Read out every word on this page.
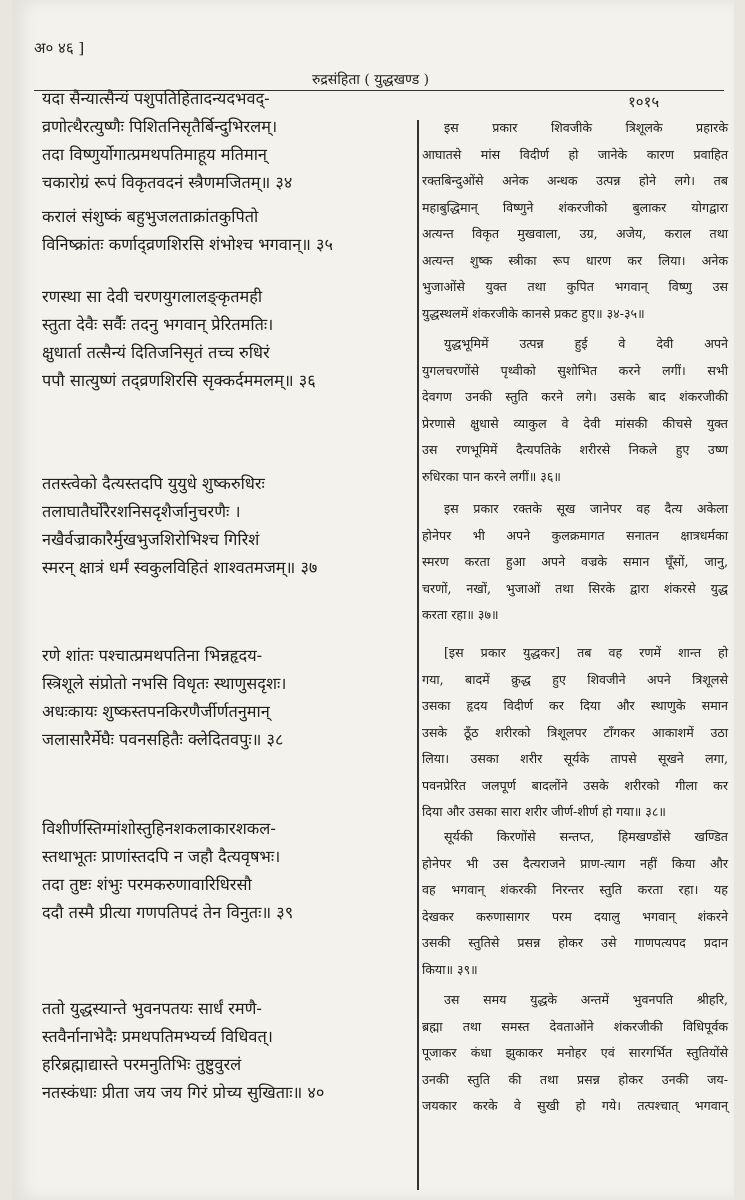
अ० ४६ ]
रुद्रसंहिता ( युद्धखण्ड )
१०१५
यदा सैन्यात्सैन्यं पशुपतिहितादन्यदभवद्-
व्रणोत्थैरत्युष्णैः पिशितनिसृतैर्बिन्दुभिरलम्।
तदा विष्णुर्योगात्प्रमथपतिमाहूय मतिमान्
चकारोग्रं रूपं विकृतवदनं स्त्रैणमजितम्॥ ३४
करालं संशुष्कं बहुभुजलताक्रांतकुपितो
विनिष्क्रांतः कर्णाद्व्रणशिरसि शंभोश्च भगवान्॥ ३५
रणस्था सा देवी चरणयुगलालङ्कृतमही
स्तुता देवैः सर्वैः तदनु भगवान् प्रेरितमतिः।
क्षुधार्ता तत्सैन्यं दितिजनिसृतं तच्च रुधिरं
पपौ सात्युष्णं तद्व्रणशिरसि सृक्कर्दममलम्॥ ३६
ततस्त्वेको दैत्यस्तदपि युयुधे शुष्करुधिरः
तलाघातैर्घोरैरशनिसदृशैर्जानुचरणैः ।
नखैर्वज्राकारैर्मुखभुजशिरोभिश्च गिरिशं
स्मरन् क्षात्रं धर्मं स्वकुलविहितं शाश्वतमजम्॥ ३७
रणे शांतः पश्चात्प्रमथपतिना भिन्नहृदय-
स्त्रिशूले संप्रोतो नभसि विधृतः स्थाणुसदृशः।
अधःकायः शुष्कस्तपनकिरणैर्जीर्णतनुमान्
जलासारैर्मेघैः पवनसहितैः क्लेदितवपुः॥ ३८
विशीर्णस्तिग्मांशोस्तुहिनशकलाकारशकल-
स्तथाभूतः प्राणांस्तदपि न जहौ दैत्यवृषभः।
तदा तुष्टः शंभुः परमकरुणावारिधिरसौ
ददौ तस्मै प्रीत्या गणपतिपदं तेन विनुतः॥ ३९
ततो युद्धस्यान्ते भुवनपतयः सार्धं रमणै-
स्तवैर्नानाभेदैः प्रमथपतिमभ्यर्च्य विधिवत्।
हरिब्रह्माद्यास्ते परमनुतिभिः तुष्टुवुरलं
नतस्कंधाः प्रीता जय जय गिरं प्रोच्य सुखिताः॥ ४०
इस प्रकार शिवजीके त्रिशूलके प्रहारके
आघातसे मांस विदीर्ण हो जानेके कारण प्रवाहित
रक्तबिन्दुओंसे अनेक अन्धक उत्पन्न होने लगे। तब
महाबुद्धिमान् विष्णुने शंकरजीको बुलाकर योगद्वारा
अत्यन्त विकृत मुखवाला, उग्र, अजेय, कराल तथा
अत्यन्त शुष्क स्त्रीका रूप धारण कर लिया। अनेक
भुजाओंसे युक्त तथा कुपित भगवान् विष्णु उस
युद्धस्थलमें शंकरजीके कानसे प्रकट हुए॥ ३४-३५॥
युद्धभूमिमें उत्पन्न हुई वे देवी अपने
युगलचरणोंसे पृथ्वीको सुशोभित करने लगीं। सभी
देवगण उनकी स्तुति करने लगे। उसके बाद शंकरजीकी
प्रेरणासे क्षुधासे व्याकुल वे देवी मांसकी कीचसे युक्त
उस रणभूमिमें दैत्यपतिके शरीरसे निकले हुए उष्ण
रुधिरका पान करने लगीं॥ ३६॥
इस प्रकार रक्तके सूख जानेपर वह दैत्य अकेला
होनेपर भी अपने कुलक्रमागत सनातन क्षात्रधर्मका
स्मरण करता हुआ अपने वज्रके समान घूँसों, जानु,
चरणों, नखों, भुजाओं तथा सिरके द्वारा शंकरसे युद्ध
करता रहा॥ ३७॥
[इस प्रकार युद्धकर] तब वह रणमें शान्त हो
गया, बादमें क्रुद्ध हुए शिवजीने अपने त्रिशूलसे
उसका हृदय विदीर्ण कर दिया और स्थाणुके समान
उसके ठूँठ शरीरको त्रिशूलपर टाँगकर आकाशमें उठा
लिया। उसका शरीर सूर्यके तापसे सूखने लगा,
पवनप्रेरित जलपूर्ण बादलोंने उसके शरीरको गीला कर
दिया और उसका सारा शरीर जीर्ण-शीर्ण हो गया॥ ३८॥
सूर्यकी किरणोंसे सन्तप्त, हिमखण्डोंसे खण्डित
होनेपर भी उस दैत्यराजने प्राण-त्याग नहीं किया और
वह भगवान् शंकरकी निरन्तर स्तुति करता रहा। यह
देखकर करुणासागर परम दयालु भगवान् शंकरने
उसकी स्तुतिसे प्रसन्न होकर उसे गाणपत्यपद प्रदान
किया॥ ३९॥
उस समय युद्धके अन्तमें भुवनपति श्रीहरि,
ब्रह्मा तथा समस्त देवताओंने शंकरजीकी विधिपूर्वक
पूजाकर कंधा झुकाकर मनोहर एवं सारगर्भित स्तुतियोंसे
उनकी स्तुति की तथा प्रसन्न होकर उनकी जय-
जयकार करके वे सुखी हो गये। तत्पश्चात् भगवान्
